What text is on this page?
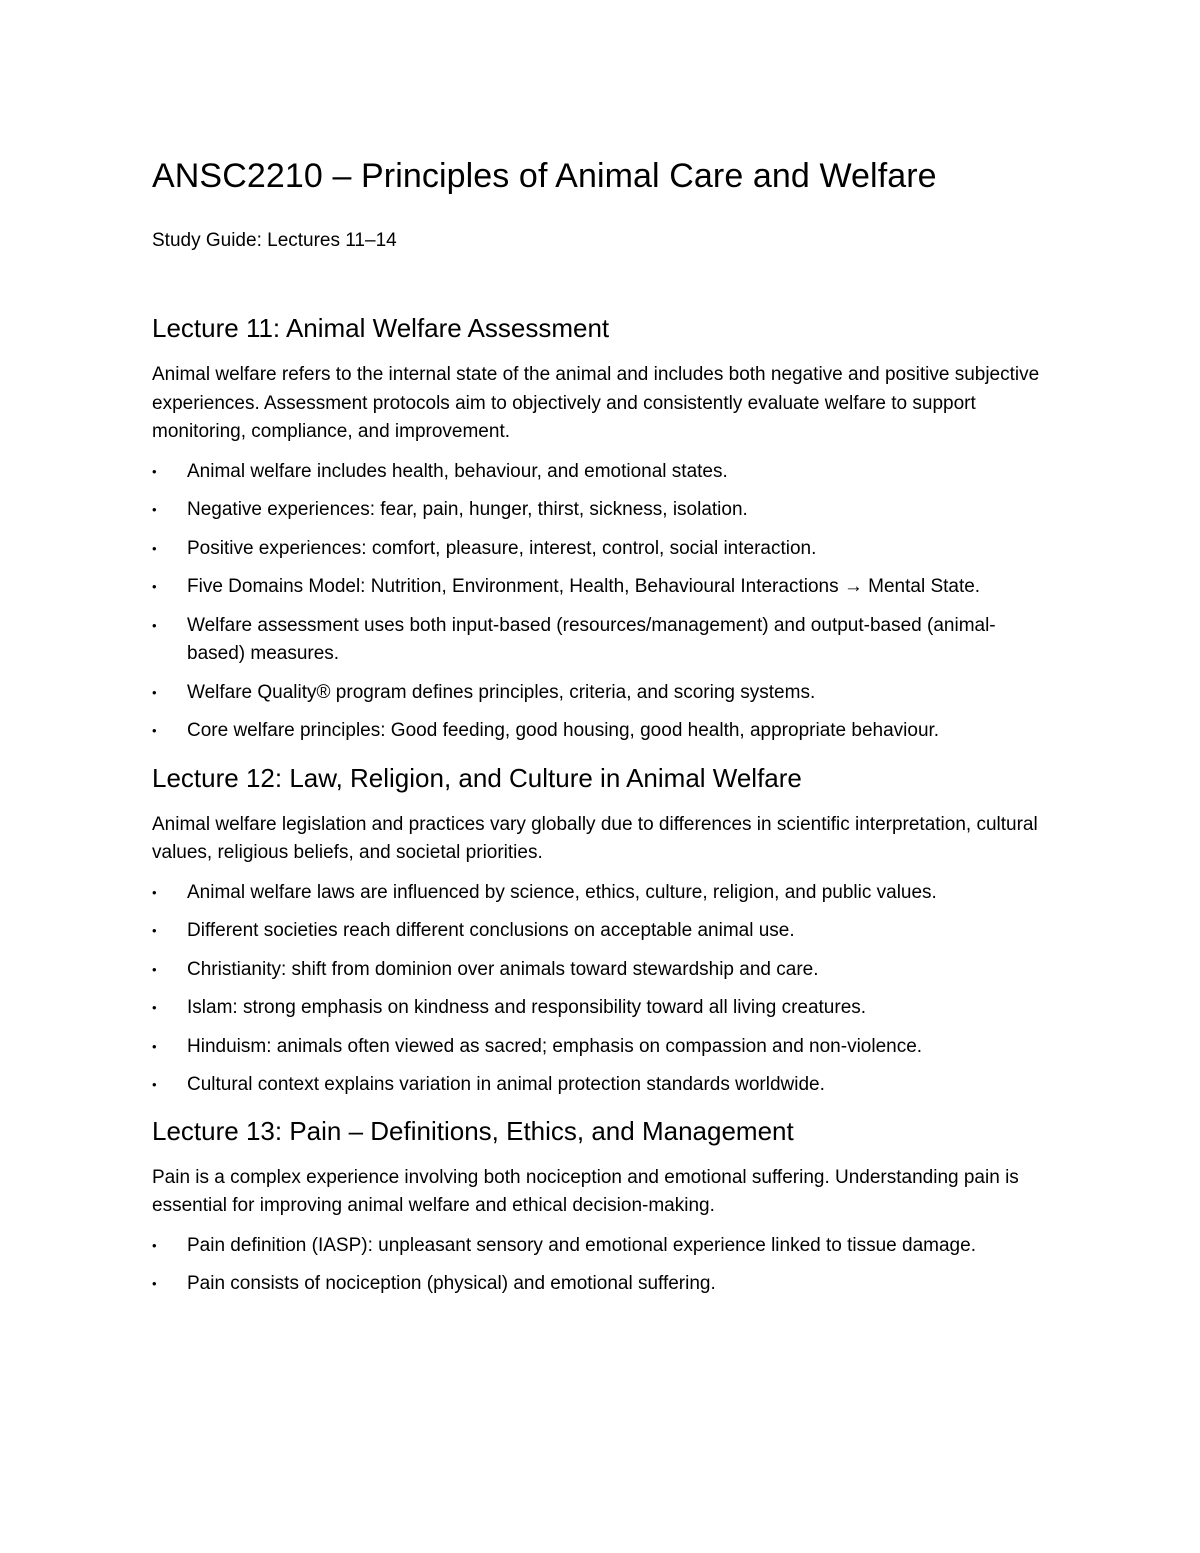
ANSC2210 – Principles of Animal Care and Welfare

Study Guide: Lectures 11–14

Lecture 11: Animal Welfare Assessment

Animal welfare refers to the internal state of the animal and includes both negative and positive subjective experiences. Assessment protocols aim to objectively and consistently evaluate welfare to support monitoring, compliance, and improvement.

• Animal welfare includes health, behaviour, and emotional states.
• Negative experiences: fear, pain, hunger, thirst, sickness, isolation.
• Positive experiences: comfort, pleasure, interest, control, social interaction.
• Five Domains Model: Nutrition, Environment, Health, Behavioural Interactions → Mental State.
• Welfare assessment uses both input-based (resources/management) and output-based (animal-based) measures.
• Welfare Quality® program defines principles, criteria, and scoring systems.
• Core welfare principles: Good feeding, good housing, good health, appropriate behaviour.
Lecture 12: Law, Religion, and Culture in Animal Welfare

Animal welfare legislation and practices vary globally due to differences in scientific interpretation, cultural values, religious beliefs, and societal priorities.

• Animal welfare laws are influenced by science, ethics, culture, religion, and public values.
• Different societies reach different conclusions on acceptable animal use.
• Christianity: shift from dominion over animals toward stewardship and care.
• Islam: strong emphasis on kindness and responsibility toward all living creatures.
• Hinduism: animals often viewed as sacred; emphasis on compassion and non-violence.
• Cultural context explains variation in animal protection standards worldwide.
Lecture 13: Pain – Definitions, Ethics, and Management

Pain is a complex experience involving both nociception and emotional suffering. Understanding pain is essential for improving animal welfare and ethical decision-making.

• Pain definition (IASP): unpleasant sensory and emotional experience linked to tissue damage.
• Pain consists of nociception (physical) and emotional suffering.
